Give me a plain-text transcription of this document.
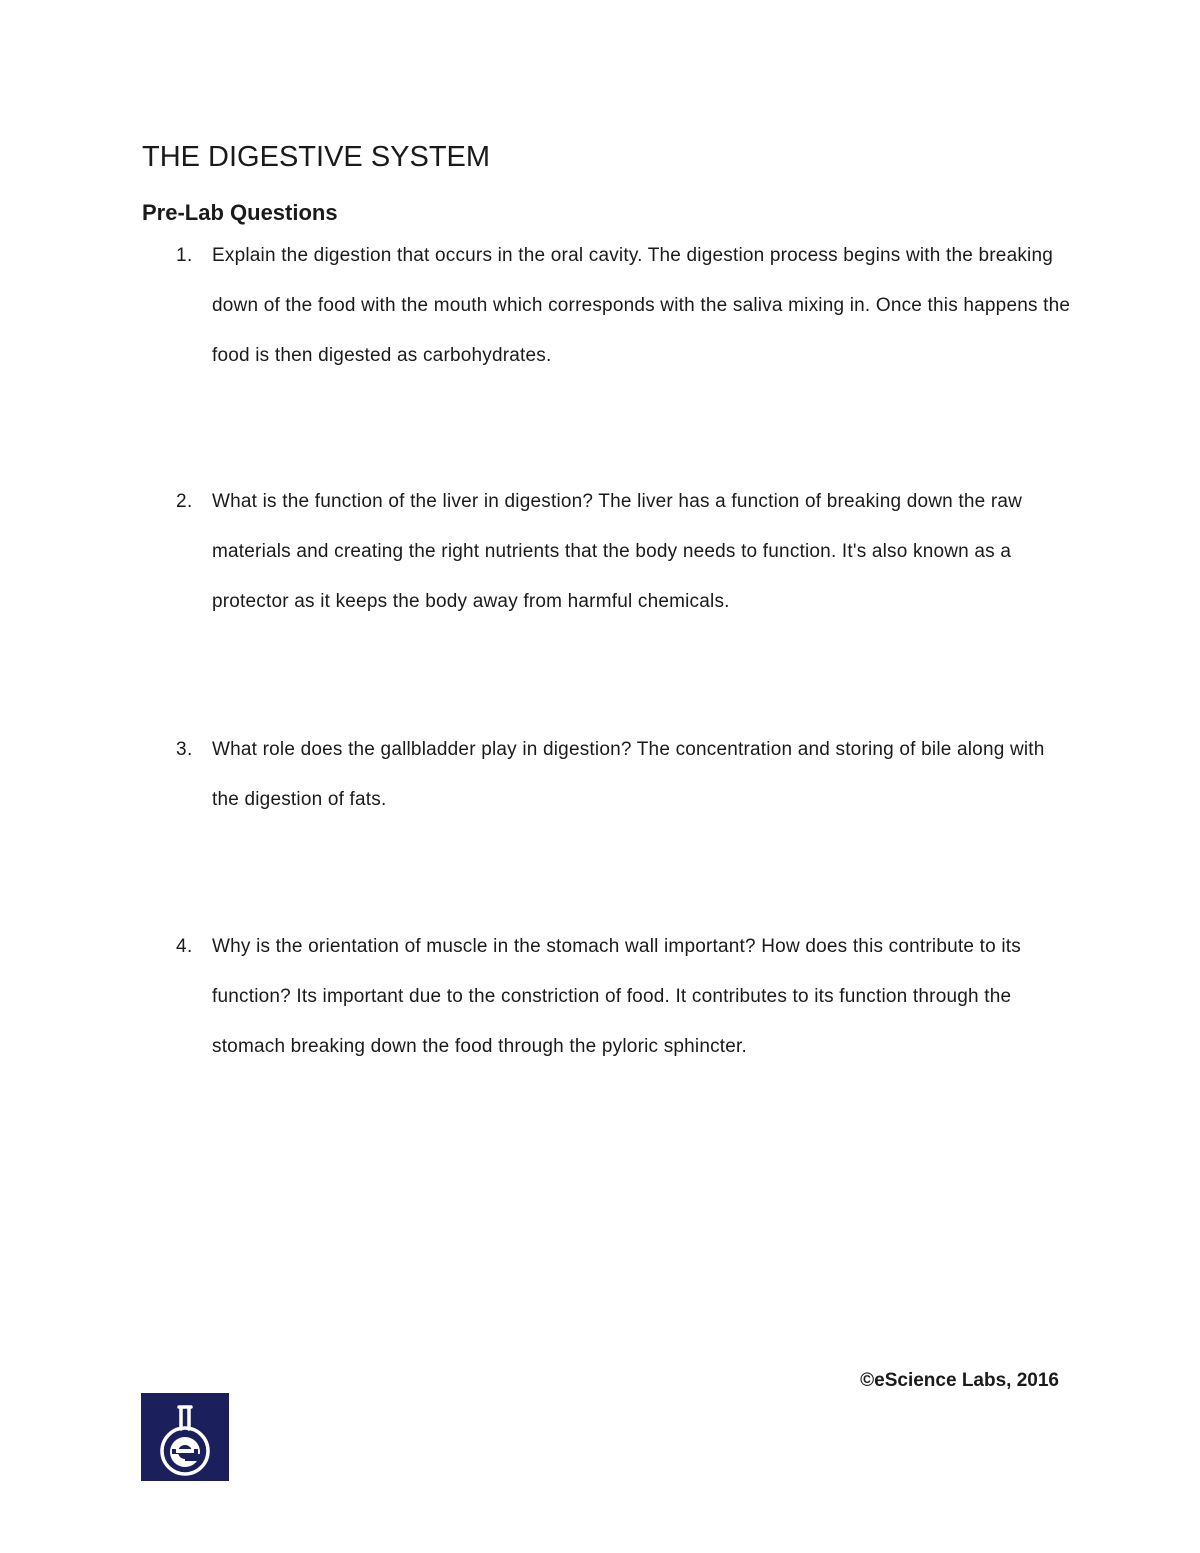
THE DIGESTIVE SYSTEM
Pre-Lab Questions
1. Explain the digestion that occurs in the oral cavity. The digestion process begins with the breaking down of the food with the mouth which corresponds with the saliva mixing in. Once this happens the food is then digested as carbohydrates.
2. What is the function of the liver in digestion? The liver has a function of breaking down the raw materials and creating the right nutrients that the body needs to function. It's also known as a protector as it keeps the body away from harmful chemicals.
3. What role does the gallbladder play in digestion? The concentration and storing of bile along with the digestion of fats.
4. Why is the orientation of muscle in the stomach wall important? How does this contribute to its function? Its important due to the constriction of food. It contributes to its function through the stomach breaking down the food through the pyloric sphincter.
©eScience Labs, 2016
